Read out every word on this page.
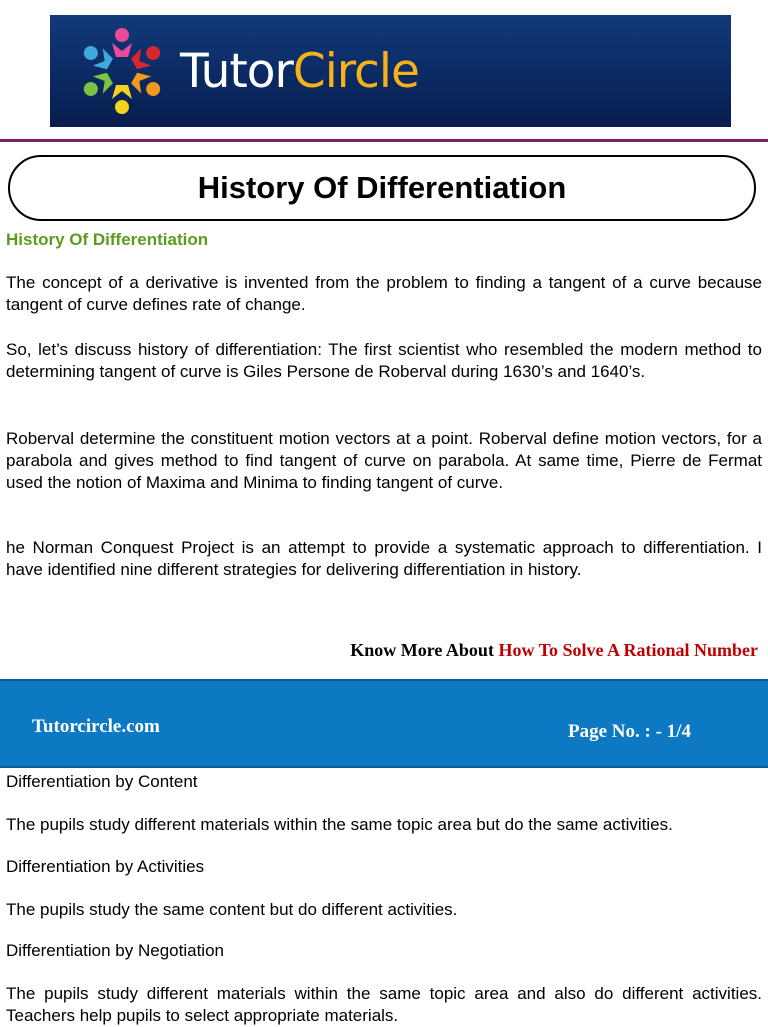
TutorCircle
History Of Differentiation
History Of Differentiation

The concept of a derivative is invented from the problem to finding a tangent of a curve because tangent of curve defines rate of change.

So, let’s discuss history of differentiation: The first scientist who resembled the modern method to determining tangent of curve is Giles Persone de Roberval during 1630’s and 1640’s.

Roberval determine the constituent motion vectors at a point. Roberval define motion vectors, for a parabola and gives method to find tangent of curve on parabola. At same time, Pierre de Fermat used the notion of Maxima and Minima to finding tangent of curve.

he Norman Conquest Project is an attempt to provide a systematic approach to differentiation. I have identified nine different strategies for delivering differentiation in history.

Know More About How To Solve A Rational Number
Tutorcircle.com	Page No. : - 1/4

Differentiation by Content

The pupils study different materials within the same topic area but do the same activities.

Differentiation by Activities

The pupils study the same content but do different activities.

Differentiation by Negotiation

The pupils study different materials within the same topic area and also do different activities. Teachers help pupils to select appropriate materials.
